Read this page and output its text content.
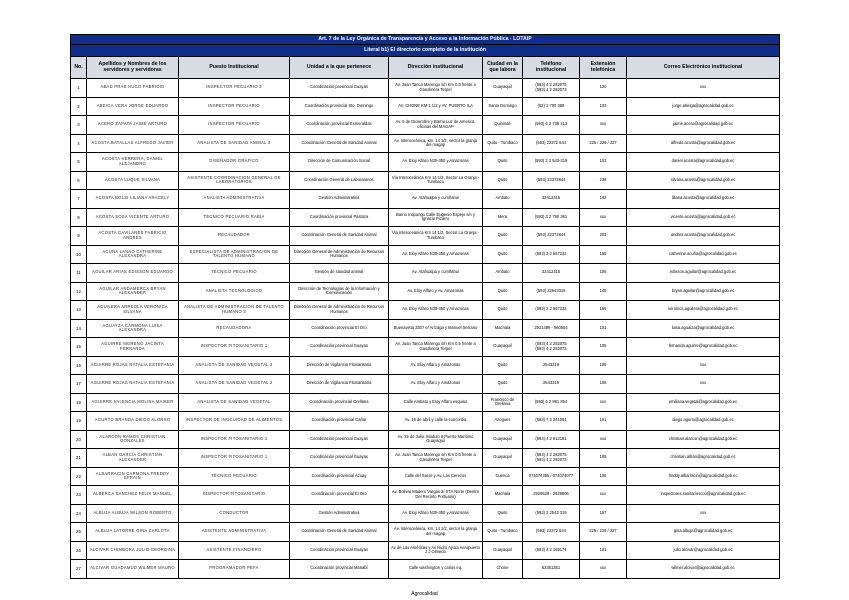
Art. 7 de la Ley Orgánica de Transparencia y Acceso a la Información Pública - LOTAIP								
Literal b1) El directorio completo de la institución								
No.	Apellidos y Nombres de los servidores y servidoras	Puesto Institucional	Unidad a la que pertenece	Dirección institucional	Ciudad en la que labora	Teléfono institucional	Extensión telefónica	Correo Electrónico institucional
1	ABAD PRAS HUGO FABRICIO	INSPECTOR PECUARIO 3	Coordinación provincial Guayas	Av. Juan Tanca Marengo s/n Km 0,5 frente a Gasolinera Terpel	Guayaquil	(593) 4 2 282075
(593) 4 2 282073	120	xxx
2	ABEIGA VERA JORGE EDUARDO	INSPECTOR PECUARIO	Coordinación provincial Sto. Domingo	AV. CHONE KM 1 1/2 y AV. PUERTO ILA	Santo Domingo	(02) 2 700 399	103	jorge.abeiga@agrocalidad.gob.ec
3	ACERO ZAPATA JAIME ARTURO	INSPECTOR PECUARIO	Coordinación provincial Esmeraldas	Av. 6 de Diciembre y Barrio Luz de America, oficinas del MAGAP	Quinindé	(593) 6 2 738 213	xxx	jaime.acero@agrocalidad.gob.ec
4	ACOSTA BATALLAS ALFREDO JAVIER	ANALISTA DE SANIDAD ANIMAL 3	Coordinación General de Sanidad Animal	Av. Interoceánica, km. 14 1/2, sector la granja del magap	Quito - Tumbaco	(593) 22372 844	225 / 226 / 227	alfredo.acosta@agrocalidad.gob.ec
5	ACOSTA HERRERA, DANIEL ALEJANDRO	DISEÑADOR GRÁFICO	Dirección de Comunicación Social	Av. Eloy Alfaro N30-350 y Amazonas	Quito	(593) 2 2 543-319	153	daniel.acosta@agrocalidad.gob.ec
6	ACOSTA LUQUE SILVANA	ASISTENTE COORDINACION GENERAL DE LABORATORIOS	Coordinación General de Laboratorios	Vía Interoceánica Km 14 1/2, Sector La Granja - Tumbaco	Quito	(593) 22372844	238	silvana.acosta@agrocalidad.gob.ec
7	ACOSTA BOLSI LILIANA ARACELY	ANALISTA ADMINISTRATIVA	Gestión Administrativa	Av. Atahualpa y cumñahui	Ambato	32412315	102	liliana.acosta@agrocalidad.gob.ec
8	ACOSTA SOSA VICENTE ARTURO	TECNICO PECUARIO RABIA	Coordinación provincial Pastaza	Barrio Intipungo Calle Eugenio Espejo s/n y Ignacio Pizarro	Mera	(593) 3 2 790 361	xxx	vicente.acosta@agrocalidad.gob.ec
9	ACOSTA GAVILANES FABRICIO ANDRÉS	RECAUDADOR	Coordinación General de Sanidad Animal	Via Interoceánica Km 14 1/2, Sector La Granja - Tumbaco	Quito	(593) 22372844	203	andres.acosta@agrocalidad.gob.ec
10	ACUÑA LANAO CATHERINE ALEXANDRA	ESPECIALISTA DE ADMINISTRACION DE TALENTO HUMANO	Dirección General de Administración de Recursos Humanos	Av. Eloy Alfaro N30-350 y Amazonas	Quito	(593) 2 2 567232	165	catherine.acuña@agrocalidad.gob.ec
11	AGUILAR ARIAS EDISSON EDUARDO	TÉCNICO PECUARIO	Gestión de sanidad animal	Av. Atahualpa y cumñahui	Ambato	32412315	105	edisson.aguilar@agrocalidad.gob.ec
12	AGUILAR ANDAMERCA BRYAN ALEXANDER	ANALISTA TECNOLOGICO	Dirección de Tecnologías de la Información y Comunicación	Av. Eloy Alfaro y Av. Amazonas	Quito	(593) 22543319	148	bryan.aguilar@agrocalidad.gob.ec
13	AGUILERA ARREOLA VERONICA SILVANA	ANALISTA DE ADMINISTRACION DE TALENTO HUMANO 3	Dirección General de Administración de Recursos Humanos	Av. Eloy Alfaro N30-350 y Amazonas	Quito	(593) 2 2 567232	165	veronica.aguilera@agrocalidad.gob.ec
14	AGUAYZA CARMONA LUISA ALEXANDRA	RECAUDADORA	Coordinación provincial El Oro	Buenavista 3307 e/ Arízaga y Manuel Serrano	Machala	2931499 - 960554	101	luisa.aguaiza@agrocalidad.gob.ec
15	AGUIRRE MORENO JACINTA FERNANDA	INSPECTOR FITOSANITARIO 1	Coordinación provincial Guayas	Av. Juan Tanca Marengo s/n Km 0,5 frente a Gasolinera Terpel	Guayaquil	(593) 4 2 282075
(593) 4 2 282073	105	fernanda.aguirre@agrocalidad.gob.ec
16	AGUIRRE ROJAS NATALIA ESTEFANIA	ANALISTA DE SANIDAD VEGETAL 2	Dirección de Vigilancia Fitosanitaria	Av. Eloy Alfaro y Amazonas	Quito	2543319	105	xxx
17	AGUIRRE ROJAS NATALIA ESTEFANIA	ANALISTA DE SANIDAD VEGETAL 2	Dirección de Vigilancia Fitosanitaria	Av. Eloy Alfaro y Amazonas	Quito	2543319	105	xxx
18	AGUIRRE VALENCIA MOLINA MAIKER	ANALISTA DE SANIDAD VEGETAL	Coordinación provincial Orellana	Calle Ambato y Eloy Alfaro esquina	Francisco de Orellana	(593) 6 2 881 854	xxx	emiliana.vegetal@agrocalidad.gob.ec
19	AGURTO BRANDA DIEGO ALONSO	INSPECTOR DE INOCUIDAD DE ALIMENTOS	Coordinación provincial Cañar	Av. 16 de abril y calle la concordia	Azogues	(593) 7 2 241064	101	diego.agurto@agrocalidad.gob.ec
20	ALARCÓN RAMOS CHRISTIAN GONZALES	INSPECTOR FITOSANITARIO 1	Coordinación provincial Guayas	Av. 25 de Julio. Modulo 8 Puerto Marítimo Guayaquil	Guayaquil	(593) 4 2 812181	xxx	christian.alarcon@agrocalidad.gob.ec
21	ALBAN GARCIA CHRISTIAN ALEXANDER	INSPECTOR FITOSANITARIO 1	Coordinación provincial Guayas	Av. Juan Tanca Marengo s/n Km 0,5 frente a Gasolinera Terpel	Guayaquil	(593) 4 2 282075
(593) 4 2 282073	105	christian.alban@agrocalidad.gob.ec
22	ALBARRACIN CARMONA FREDDY EFRAIN	TÉCNICO PECUARIO	Coordinación provincial Azuay	Calle del Sacre y Av. Las Cerezos	Cuenca	074074455 / 074074077	105	freddy.albarracin@agrocalidad.gob.ec
23	ALBERCA SANCHEZ FELIX MANUEL	INSPECTOR FITOSANITARIO	Coordinación provincial El Oro	Av. Bolivar Madero Vargas 2/ STA Norte (Dentro Del Recinto Portuario)	Machala	2928529 - 2929806	xxx	inspectores.sanitarioscoo@agrocalidad.gob.ec
24	ALBUJA ALBUJA WILSON ROBERTO	CONDUCTOR	Gestión Administrativa	Av. Eloy Alfaro N30-350 y Amazonas	Quito	(593) 2 2543 319	157	xxx
25	ALBUJA LATORRE GINA CARLOTA	ASISTENTE ADMINISTRATIVA	Coordinación General de Sanidad Animal	Av. Interoceánica, km. 14 1/2, sector la granja del magap	Quito - Tumbaco	(593) 22372 844	225 / 226 / 227	gina.albuja@agrocalidad.gob.ec
26	ALCIVAR CHIMBORA JULIO GEORGINA	ASISTENTE FINANCIERO	Coordinación provincial Guayas	Av de Las Américas y Av Isidro Ayora Aeropuerto J J Olmedo	Guayaquil	(593) 4 2 169174	101	julio.alcivar@agrocalidad.gob.ec
27	ALCIVAR GUADAMUD WILMER MAURO	PROGRAMADOR PEFA	Coordinación provincial Manabí	Calle washington y carlos eq.	Chone	52361351	xxx	wilmer.alcivar@agrocalidad.gob.ec
Agrocalidad
